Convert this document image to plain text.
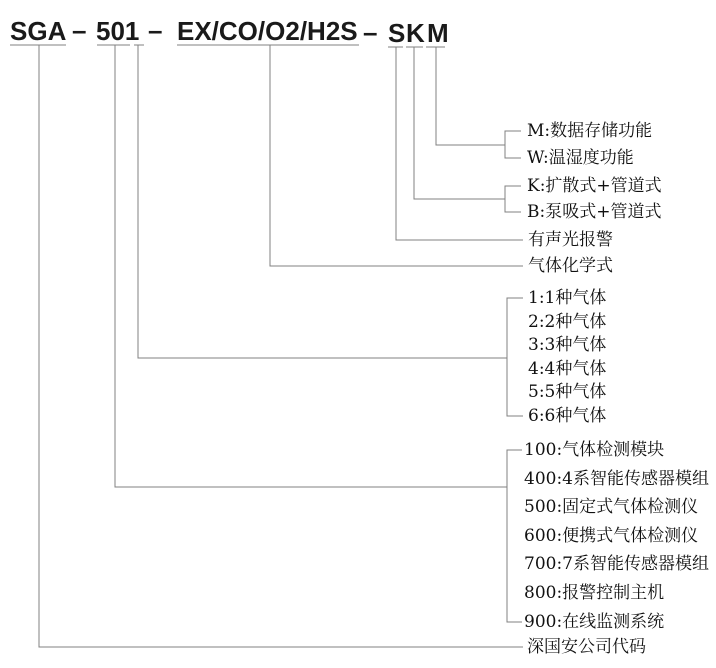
SGA – 501 – EX/CO/O2/H2S – S K M
M:数据存储功能
W:温湿度功能
K:扩散式+管道式
B:泵吸式+管道式
有声光报警
气体化学式
1:1种气体
2:2种气体
3:3种气体
4:4种气体
5:5种气体
6:6种气体
100:气体检测模块
400:4系智能传感器模组
500:固定式气体检测仪
600:便携式气体检测仪
700:7系智能传感器模组
800:报警控制主机
900:在线监测系统
深国安公司代码
